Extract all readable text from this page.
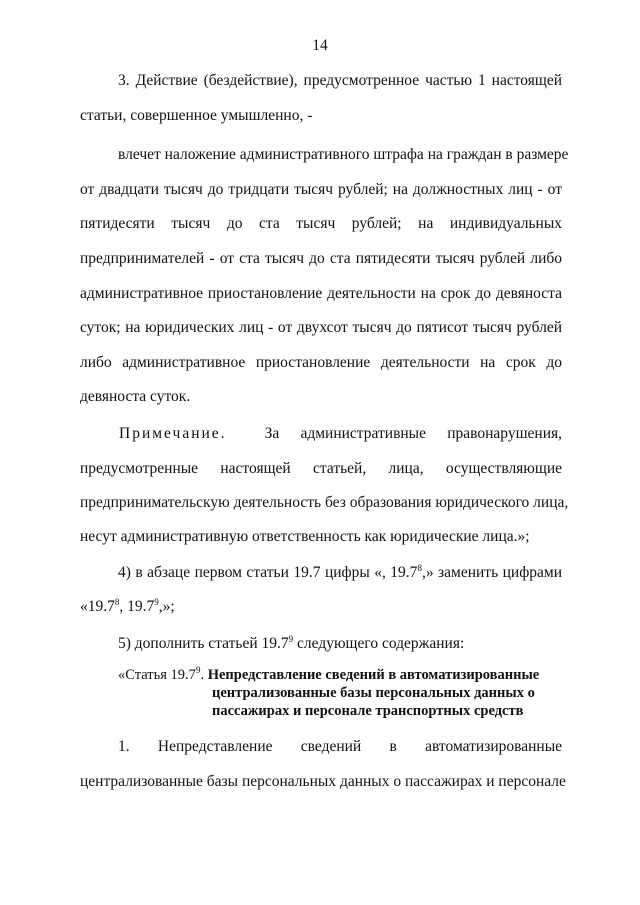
14
3. Действие (бездействие), предусмотренное частью 1 настоящей
статьи, совершенное умышленно, -
влечет наложение административного штрафа на граждан в размере
от двадцати тысяч до тридцати тысяч рублей; на должностных лиц - от
пятидесяти тысяч до ста тысяч рублей; на индивидуальных
предпринимателей - от ста тысяч до ста пятидесяти тысяч рублей либо
административное приостановление деятельности на срок до девяноста
суток; на юридических лиц - от двухсот тысяч до пятисот тысяч рублей
либо административное приостановление деятельности на срок до
девяноста суток.
Примечание. За административные правонарушения,
предусмотренные настоящей статьей, лица, осуществляющие
предпринимательскую деятельность без образования юридического лица,
несут административную ответственность как юридические лица.»;
4) в абзаце первом статьи 19.7 цифры «, 19.7$^8$,» заменить цифрами
«19.7$^8$, 19.7$^9$,»;
5) дополнить статьей 19.7$^9$ следующего содержания:
«Статья 19.7$^9$. Непредставление сведений в автоматизированные
централизованные базы персональных данных о
пассажирах и персонале транспортных средств
1. Непредставление сведений в автоматизированные
централизованные базы персональных данных о пассажирах и персонале
